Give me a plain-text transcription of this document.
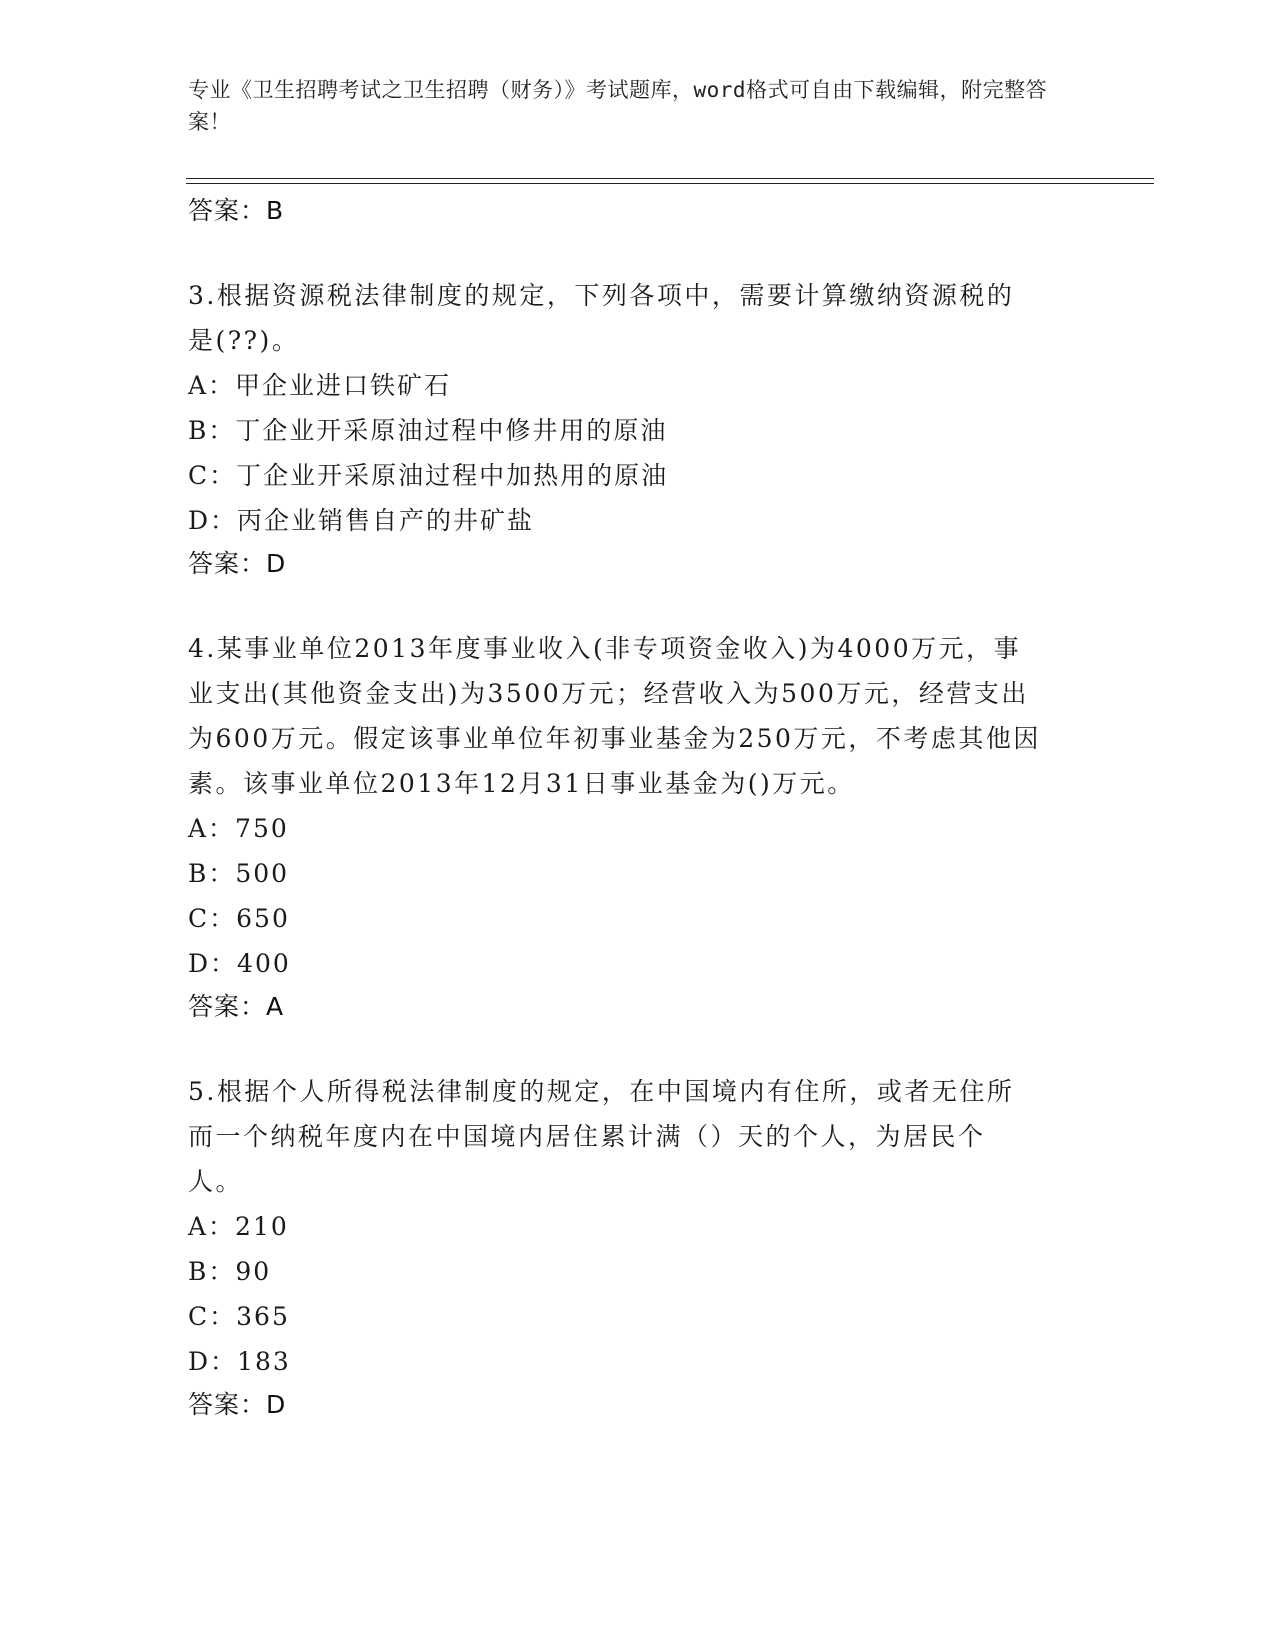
专业《卫生招聘考试之卫生招聘（财务）》考试题库，word格式可自由下载编辑，附完整答案！

答案：B

3.根据资源税法律制度的规定，下列各项中，需要计算缴纳资源税的是(??)。

A：甲企业进口铁矿石

B：丁企业开采原油过程中修井用的原油

C：丁企业开采原油过程中加热用的原油

D：丙企业销售自产的井矿盐

答案：D

4.某事业单位2013年度事业收入(非专项资金收入)为4000万元，事业支出(其他资金支出)为3500万元；经营收入为500万元，经营支出为600万元。假定该事业单位年初事业基金为250万元，不考虑其他因素。该事业单位2013年12月31日事业基金为()万元。

A：750

B：500

C：650

D：400

答案：A

5.根据个人所得税法律制度的规定，在中国境内有住所，或者无住所而一个纳税年度内在中国境内居住累计满（）天的个人，为居民个人。

A：210

B：90

C：365

D：183

答案：D
